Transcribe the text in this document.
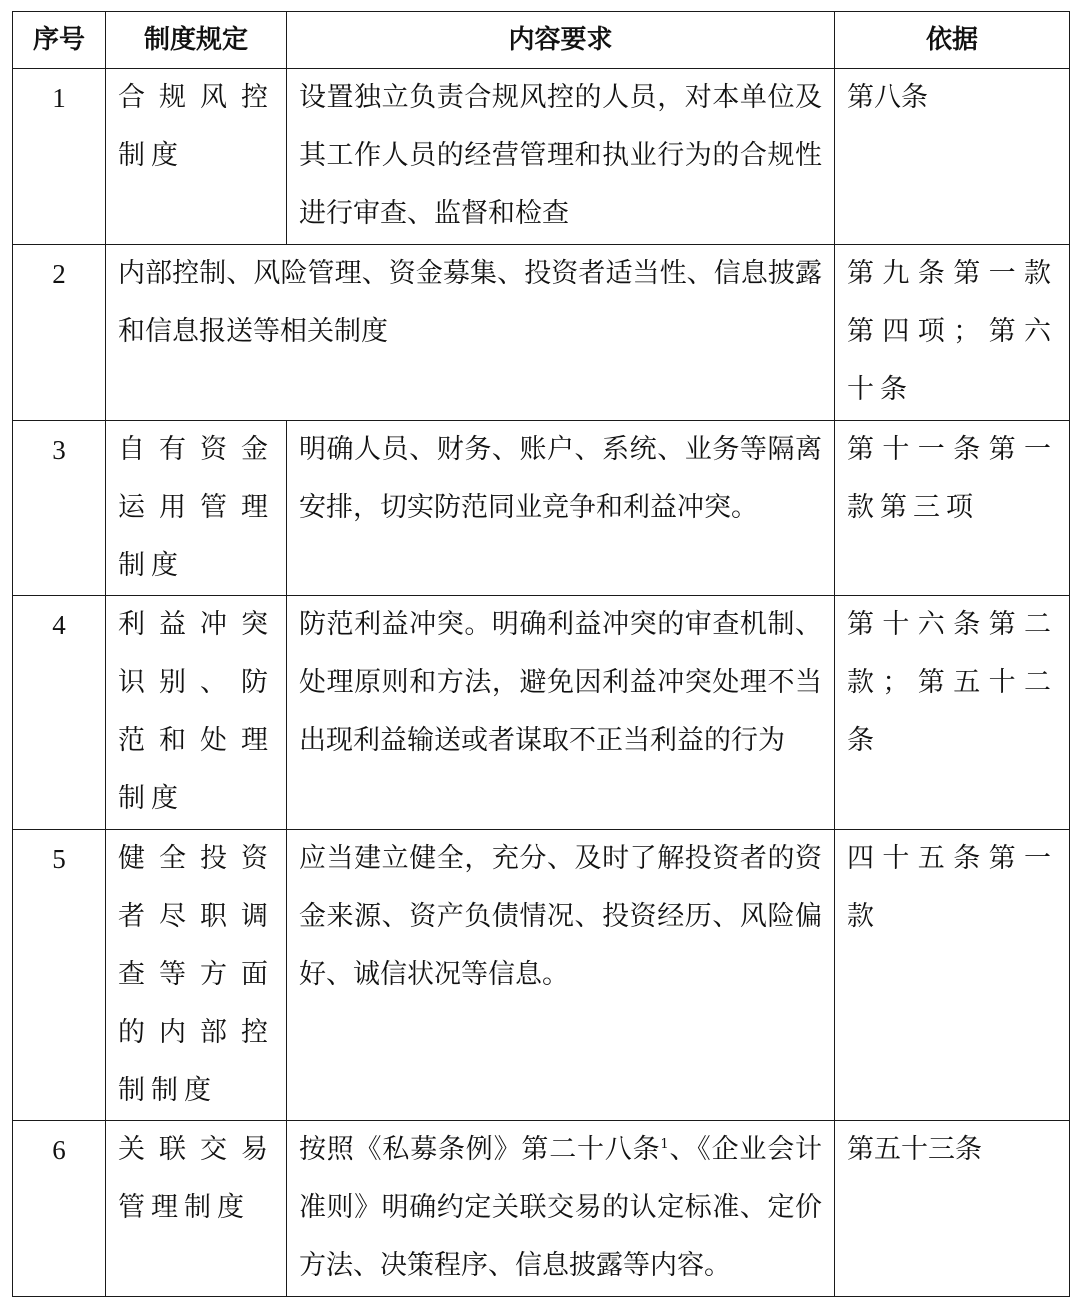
序号	制度规定	内容要求	依据
1	合规风控制度	设置独立负责合规风控的人员，对本单位及其工作人员的经营管理和执业行为的合规性进行审查、监督和检查	第八条
2	内部控制、风险管理、资金募集、投资者适当性、信息披露和信息报送等相关制度		第九条第一款第四项；第六十条
3	自有资金运用管理制度	明确人员、财务、账户、系统、业务等隔离安排，切实防范同业竞争和利益冲突。	第十一条第一款第三项
4	利益冲突识别、防范和处理制度	防范利益冲突。明确利益冲突的审查机制、处理原则和方法，避免因利益冲突处理不当出现利益输送或者谋取不正当利益的行为	第十六条第二款；第五十二条
5	健全投资者尽职调查等方面的内部控制制度	应当建立健全，充分、及时了解投资者的资金来源、资产负债情况、投资经历、风险偏好、诚信状况等信息。	四十五条第一款
6	关联交易管理制度	按照《私募条例》第二十八条$^1$、《企业会计准则》明确约定关联交易的认定标准、定价方法、决策程序、信息披露等内容。	第五十三条
